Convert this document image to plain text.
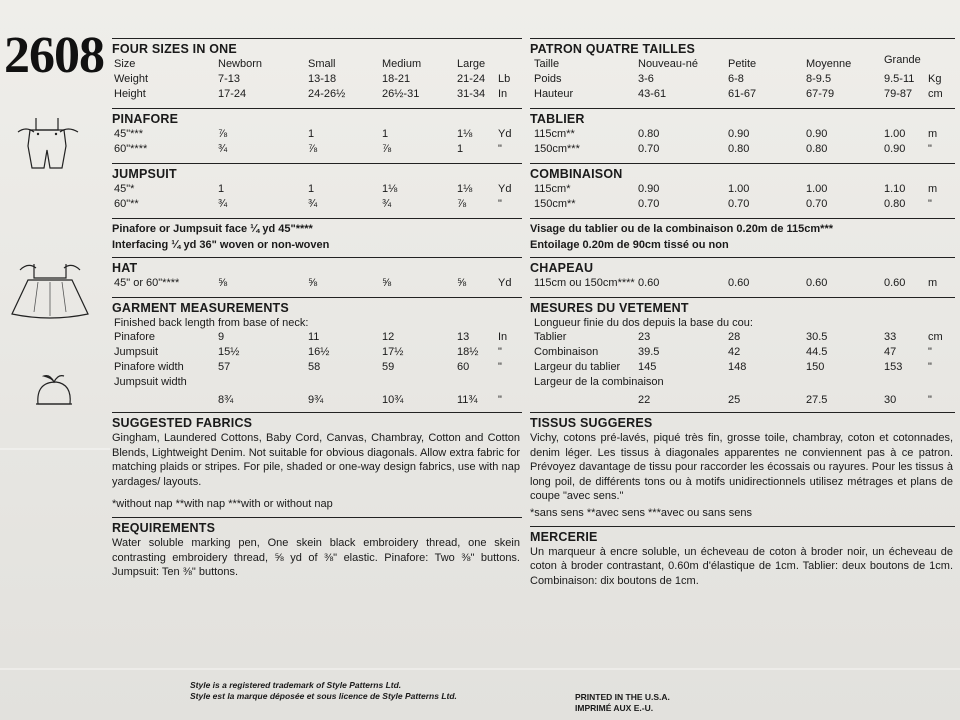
2608 FOUR SIZES IN ONE
Size	Newborn	Small	Medium	Large
Weight	7-13	13-18	18-21	21-24 Lb
Height	17-24	24-26½	26½-31	31-34 In
PINAFORE
45"***	⅞	1	1	1⅛ Yd
60"****	¾	⅞	⅞	1	"
JUMPSUIT
45"*	1	1	1⅛	1⅛ Yd
60"**	¾	¾	¾	⅞	"
Pinafore or Jumpsuit face ¼ yd 45"****
Interfacing ¼ yd 36" woven or non-woven
HAT
45" or 60"****	⅝	⅝	⅝	⅝	Yd
GARMENT MEASUREMENTS
Finished back length from base of neck:
Pinafore	9	11	12	13	In
Jumpsuit	15½	16½	17½	18½ "
Pinafore width	57	58	59	60	"
Jumpsuit width
8¾	9¾	10¾	11¾ "
SUGGESTED FABRICS
Gingham, Laundered Cottons, Baby Cord, Canvas, Chambray, Cotton and Cotton Blends, Lightweight Denim. Not suitable for obvious diagonals. Allow extra fabric for matching plaids or stripes. For pile, shaded or one-way design fabrics, use with nap yardages/ layouts.
*without nap **with nap ***with or without nap
REQUIREMENTS
Water soluble marking pen, One skein black embroidery thread, one skein contrasting embroidery thread, ⅝ yd of ⅜" elastic. Pinafore: Two ⅜" buttons. Jumpsuit: Ten ⅜" buttons.
PATRON QUATRE TAILLES
Taille	Nouveau-né	Petite	Moyenne	Grande
Poids	3-6	6-8	8-9.5	9.5-11 Kg
Hauteur	43-61	61-67	67-79	79-87 cm
TABLIER
115cm**	0.80	0.90	0.90	1.00 m
150cm***	0.70	0.80	0.80	0.90 "
COMBINAISON
115cm*	0.90	1.00	1.00	1.10 m
150cm**	0.70	0.70	0.70	0.80 "
Visage du tablier ou de la combinaison 0.20m de 115cm***
Entoilage 0.20m de 90cm tissé ou non
CHAPEAU
115cm ou 150cm**** 0.60	0.60	0.60	0.60 m
MESURES DU VETEMENT
Longueur finie du dos depuis la base du cou:
Tablier	23	28	30.5	33	cm
Combinaison	39.5	42	44.5	47	"
Largeur du tablier 145	148	150	153 "
Largeur de la combinaison
22	25	27.5	30	"
TISSUS SUGGERES
Vichy, cotons pré-lavés, piqué très fin, grosse toile, chambray, coton et cotonnades, denim léger. Les tissus à diagonales apparentes ne conviennent pas à ce patron. Prévoyez davantage de tissu pour raccorder les écossais ou rayures. Pour les tissus à long poil, de différents tons ou à motifs unidirectionnels utilisez métrages et plans de coupe "avec sens."
*sans sens **avec sens ***avec ou sans sens
MERCERIE
Un marqueur à encre soluble, un écheveau de coton à broder noir, un écheveau de coton à broder contrastant, 0.60m d'élastique de 1cm. Tablier: deux boutons de 1cm. Combinaison: dix boutons de 1cm.
Style is a registered trademark of Style Patterns Ltd.
Style est la marque déposée et sous licence de Style Patterns Ltd.	PRINTED IN THE U.S.A.
IMPRIMÉ AUX E.-U.
